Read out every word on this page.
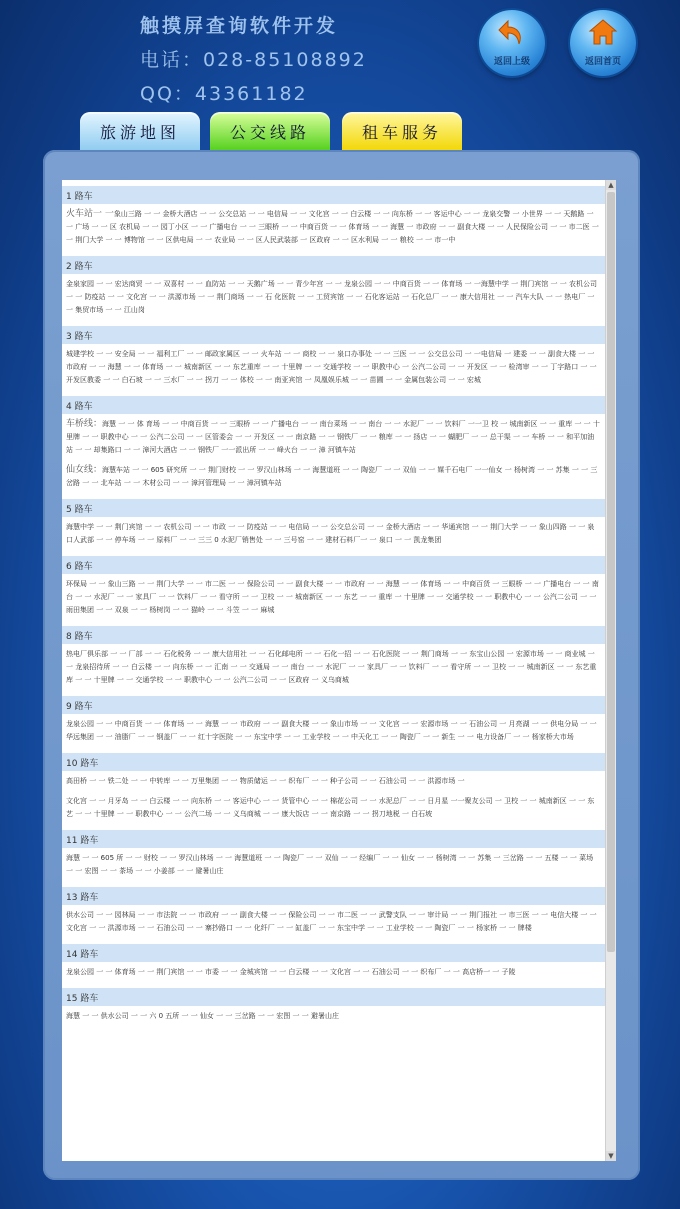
触摸屏查询软件开发
电话：028-85108892
QQ：43361182
返回上级	返回首页
旅游地图	公交线路	租车服务
1 路车
火车站一 一象山三路 一 一 金桥大酒店 一 一 公交总站 一 一 电信局 一 一 文化宫 一 一 白云楼 一 一 向东桥 一 一 客运中心 一 一 龙泉交警 一 小世界 一 一 天鹅路 一 一 广场 一 一 区 农机局 一 一 园丁小区 一 一 广播电台 一 一 三眼桥 一 一 中商百货 一 一 体育场 一 一 海慧 一 市政府 一 一 副食大楼 一 一 人民保险公司 一 一 市二医 一 一 荆门大学 一 一 博物馆 一 一 区供电局 一 一 农业局 一 一 区人民武装部 一 区政府 一 一 区水利局 一 一 粮校 一 一 市一中
2 路车
金泉家园 一 一 宏达商贸 一 一 双喜村 一 一 血防站 一 一 天鹅广场 一 一 青少年宫 一 一 龙泉公园 一 一 中商百货 一 一 体育场 一 一海慧中学 一 荆门宾馆 一 一 农机公司 一 一 防疫站 一 一 文化宫 一 一 洪源市场 一 一 荆门商场 一 一 石 化医院 一 一 工贸宾馆 一 一 石化客运站 一 石化总厂 一 一 康大信用社 一 一 汽车大队 一 一 热电厂 一 一 集贸市场 一 一 江山岗
3 路车
城建学校 一 一 安全局 一 一 福利工厂 一 一 邮政家属区 一 一 火车站 一 一 商校 一 一 泉口办事处 一 一 三医 一 一 公交总公司 一 一电信局 一 建委 一 一 副食大楼 一 一 市政府 一 一 海慧 一 一 体育场 一 一 城南新区 一 一 东艺重库 一 一 十里牌 一 一 交通学校 一 一 职教中心 一 公汽二公司 一 一 开发区 一 一 检湾审 一 一 丁字路口 一 一 开发区教委 一 一 白石坡 一 一 三水厂 一 一 拐刀 一 一 体校 一 一 南亚宾馆 一 凤凰娱乐城 一 一 苗圃 一 一 金属包装公司 一 一 宏城
4 路车
车桥线：海慧 一 一 体 育场 一 一 中商百货 一 一 三眼桥 一 一 广播电台 一 一 南台菜场 一 一 南台 一 一 水泥厂 一 一 饮料厂 一一卫 校 一 城南新区 一 一 重库 一 一 十里牌 一 一 职教中心 一 一 公汽二公司 一 一 区管委会 一 一 开发区 一 一 南京路 一 一 钢铁厂 一 一 粮库 一 一 扬店 一 一 蝴肥厂 一 一 总干渠 一 一 车桥 一 一 和平加油站 一 一 却集路口 一 一 漳河大酒店 一 一 钢铁厂 一一派出所 一 一 峰火台 一 一 漳 河镇车站
仙女线：海慧车站 一 一 605 研究所 一 一 荆门财校 一 一 罗汉山林场 一 一 海慧道班 一 一 陶瓷厂 一 一 双仙 一 一 媒千石电厂 一一仙女 一 杨树湾 一 一 苏集 一 一 三岔路 一 一 北车站 一 一 木材公司 一 一 漳河管理局 一 一 漳河镇车站
5 路车
海慧中学 一 一 荆门宾馆 一 一 农机公司 一 一 市政 一 一 防疫站 一 一 电信局 一 一 公交总公司 一 一 金桥大酒店 一 一 华通宾馆 一 一 荆门大学 一 一 象山四路 一 一 泉口人武部 一 一 停车场 一 一 原料厂 一 一 三三 0 水泥厂销售处 一 一 三号窑 一 一 建材石料厂一 一 泉口 一 一 凯龙集团
6 路车
环保局 一 一 象山三路 一 一 荆门大学 一 一 市二医 一 一 保险公司 一 一 副食大楼 一 一 市政府 一 一 海慧 一 一 体育场 一 一 中商百货 一 三眼桥 一 一 广播电台 一 一 南台 一 一 水泥厂 一 一 家具厂 一 一 饮料厂 一 一 看守所 一 一 卫校 一 一 城南新区 一 一 东艺 一 一 重库 一 十里牌 一 一 交通学校 一 一 职教中心 一 一 公汽二公司 一 一 雨田集团 一 一 双泉 一 一 杨树岗 一 一 猫岭 一 一 斗笠 一 一 麻城
8 路车
热电厂俱乐部 一 一 厂部 一 一 石化税务 一 一 康大信用社 一 一 石化邮电所 一 一 石化一招 一 一 石化医院 一 一 荆门商场 一 一 东宝山公园 一 宏源市场 一 一 商业城 一 一 龙泉招待所 一 一 白云楼 一 一 向东桥 一 一 汇南 一 一 交通局 一 一 南台 一 一 水泥厂 一 一 家具厂 一 一 饮料厂 一 一 看守所 一 一 卫校 一 一 城南新区 一 一 东艺重库 一 一 十里牌 一 一 交通学校 一 一 职教中心 一 一 公汽二公司 一 一 区政府 一 义乌商城
9 路车
龙泉公园 一 一 中商百货 一 一 体育场 一 一 海慧 一 一 市政府 一 一 副食大楼 一 一 象山市场 一 一 文化宫 一 一 宏源市场 一 一 石油公司 一 月亮湖 一 一 供电分局 一 一 华远集团 一 一 油脂厂 一 一 钢盖厂 一 一 红十字医院 一 一 东宝中学 一 一 工业学校 一 一 中天化工 一 一 陶瓷厂 一 一 新生 一 一 电力设备厂 一 一 杨家桥大市场
10 路车
高田桥 一 一 铁二处 一 一 中转库 一 一 万里集团 一 一 物质储运 一 一 织布厂 一 一 种子公司 一 一 石油公司 一 一 洪源市场 一
文化宫 一 一 月牙岛 一 一 白云楼 一 一 向东桥 一 一 客运中心 一 一 货管中心 一 一 棉花公司 一 一 水泥总厂 一 一 日月星 一一聚友公司 一 卫校 一 一 城南新区 一 一 东艺 一 一 十里牌 一 一 职教中心 一 一 公汽二场 一 一 义乌商城 一 一 康大饭店 一 一 南京路 一 一 拐刀地税 一 白石坡
11 路车
海慧 一 一 605 所 一 一 财校 一 一 罗汉山林场 一 一 海慧道班 一 一 陶瓷厂 一 一 双仙 一 一 经编厂 一 一 仙女 一 一 杨树湾 一 一 苏集 一 三岔路 一 一 五楼 一 一 菜场 一 一 宏图 一 一 茶场 一 一 小姜部 一 一 避暑山庄
13 路车
供水公司 一 一 园林局 一 一 市法院 一 一 市政府 一 一 副食大楼 一 一 保险公司 一 一 市二医 一 一 武警支队 一 一 审计局 一 一 荆门报社 一 市三医 一 一 电信大楼 一 一 文化宫 一 一 洪源市场 一 一 石油公司 一 一 寨抄路口 一 一 化纤厂 一 一 缸盖厂 一 一 东宝中学 一 一 工业学校 一 一 陶瓷厂 一 一 杨家桥 一 一 牌楼
14 路车
龙泉公园 一 一 体育场 一 一 荆门宾馆 一 一 市委 一 一 金城宾馆 一 一 白云楼 一 一 文化宫 一 一 石油公司 一 一 织布厂 一 一 高店桥一 一 子陵
15 路车
海慧 一 一 供水公司 一 一 六 0 五所 一 一 仙女 一 一 三岔路 一 一 宏图 一 一 避暑山庄
▲
▼
